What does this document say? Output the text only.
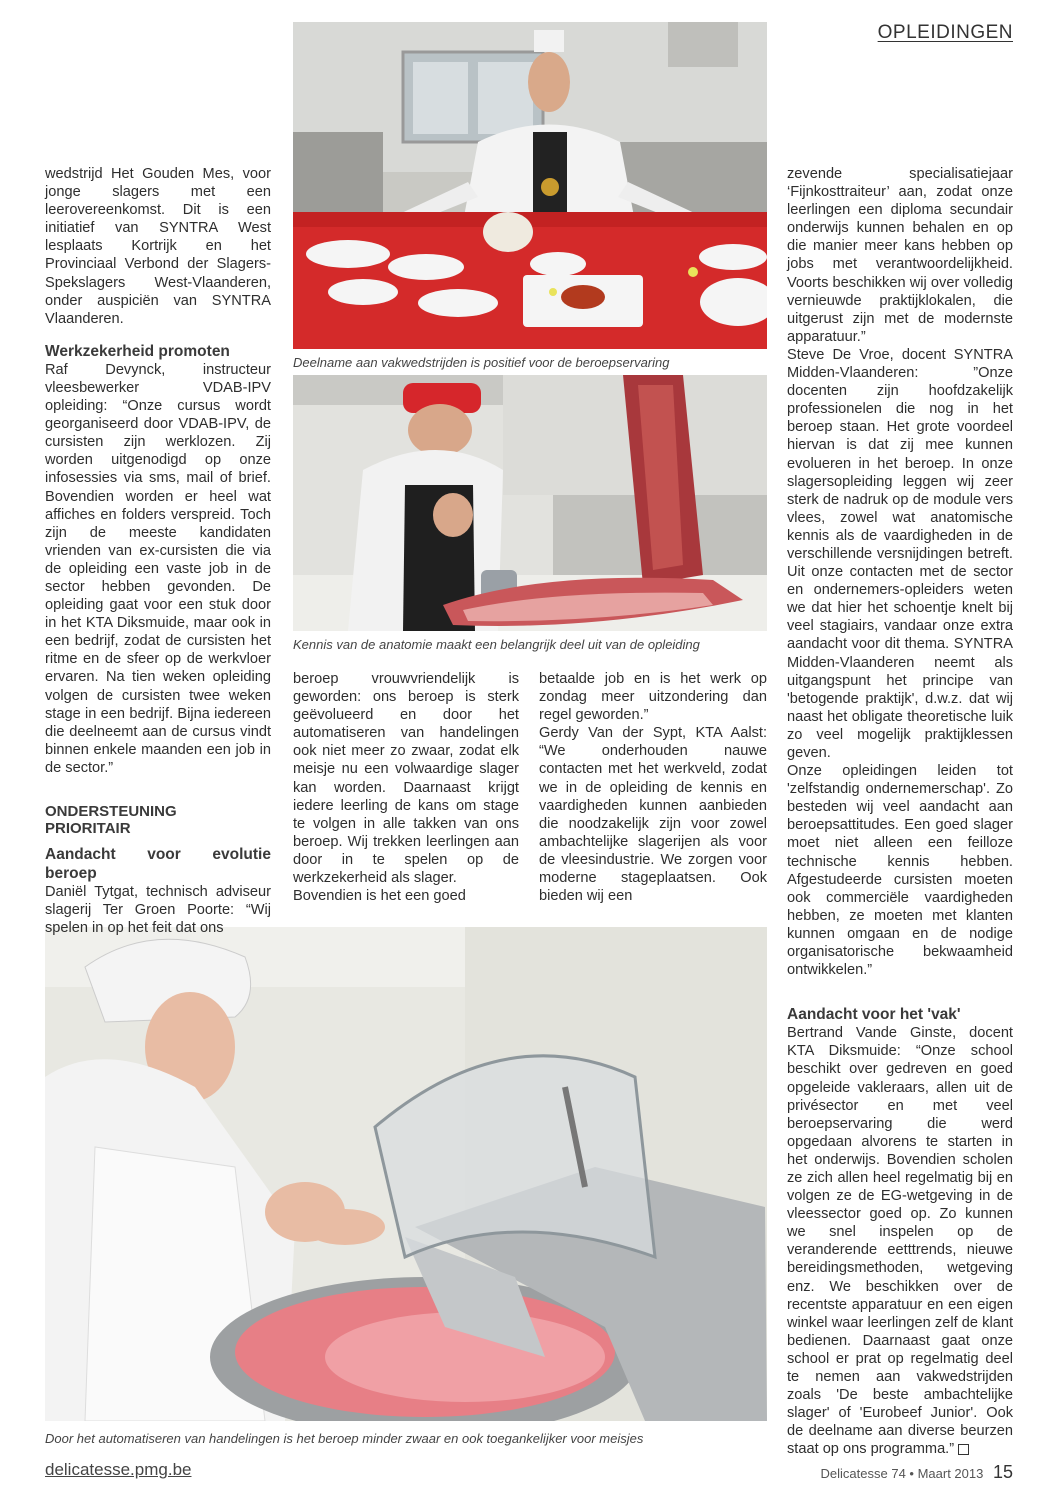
OPLEIDINGEN
Deelname aan vakwedstrijden is positief voor de beroepservaring
Kennis van de anatomie maakt een belangrijk deel uit van de opleiding
Door het automatiseren van handelingen is het beroep minder zwaar en ook toegankelijker voor meisjes

wedstrijd Het Gouden Mes, voor jonge slagers met een leerovereenkomst. Dit is een initiatief van SYNTRA West lesplaats Kortrijk en het Provinciaal Verbond der Slagers-Spekslagers West-Vlaanderen, onder auspiciën van SYNTRA Vlaanderen.

Werkzekerheid promoten

Raf Devynck, instructeur vleesbewerker VDAB-IPV opleiding: “Onze cursus wordt georganiseerd door VDAB-IPV, de cursisten zijn werklozen. Zij worden uitgenodigd op onze infosessies via sms, mail of brief. Bovendien worden er heel wat affiches en folders verspreid. Toch zijn de meeste kandidaten vrienden van ex-cursisten die via de opleiding een vaste job in de sector hebben gevonden. De opleiding gaat voor een stuk door in het KTA Diksmuide, maar ook in een bedrijf, zodat de cursisten het ritme en de sfeer op de werkvloer ervaren. Na tien weken opleiding volgen de cursisten twee weken stage in een bedrijf. Bijna iedereen die deelneemt aan de cursus vindt binnen enkele maanden een job in de sector.”

ONDERSTEUNING PRIORITAIR
Aandacht voor evolutie beroep

Daniël Tytgat, technisch adviseur slagerij Ter Groen Poorte: “Wij spelen in op het feit dat ons

beroep vrouwvriendelijk is geworden: ons beroep is sterk geëvolueerd en door het automatiseren van handelingen ook niet meer zo zwaar, zodat elk meisje nu een volwaardige slager kan worden. Daarnaast krijgt iedere leerling de kans om stage te volgen in alle takken van ons beroep. Wij trekken leerlingen aan door in te spelen op de werkzekerheid als slager.

Bovendien is het een goed

betaalde job en is het werk op zondag meer uitzondering dan regel geworden.”

Gerdy Van der Sypt, KTA Aalst: “We onderhouden nauwe contacten met het werkveld, zodat we in de opleiding de kennis en vaardigheden kunnen aanbieden die noodzakelijk zijn voor zowel ambachtelijke slagerijen als voor de vleesindustrie. We zorgen voor moderne stageplaatsen. Ook bieden wij een

zevende specialisatiejaar ‘Fijnkosttraiteur’ aan, zodat onze leerlingen een diploma secundair onderwijs kunnen behalen en op die manier meer kans hebben op jobs met verantwoordelijkheid. Voorts beschikken wij over volledig vernieuwde praktijklokalen, die uitgerust zijn met de modernste apparatuur.”

Steve De Vroe, docent SYNTRA Midden-Vlaanderen: ”Onze docenten zijn hoofdzakelijk professionelen die nog in het beroep staan. Het grote voordeel hiervan is dat zij mee kunnen evolueren in het beroep. In onze slagersopleiding leggen wij zeer sterk de nadruk op de module vers vlees, zowel wat anatomische kennis als de vaardigheden in de verschillende versnijdingen betreft. Uit onze contacten met de sector en ondernemers-opleiders weten we dat hier het schoentje knelt bij veel stagiairs, vandaar onze extra aandacht voor dit thema. SYNTRA Midden-Vlaanderen neemt als uitgangspunt het principe van 'betogende praktijk', d.w.z. dat wij naast het obligate theoretische luik zo veel mogelijk praktijklessen geven.

Onze opleidingen leiden tot 'zelfstandig ondernemerschap'. Zo besteden wij veel aandacht aan beroepsattitudes. Een goed slager moet niet alleen een feilloze technische kennis hebben. Afgestudeerde cursisten moeten ook commerciële vaardigheden hebben, ze moeten met klanten kunnen omgaan en de nodige organisatorische bekwaamheid ontwikkelen.”

Aandacht voor het 'vak'

Bertrand Vande Ginste, docent KTA Diksmuide: “Onze school beschikt over gedreven en goed opgeleide vakleraars, allen uit de privésector en met veel beroepservaring die werd opgedaan alvorens te starten in het onderwijs. Bovendien scholen ze zich allen heel regelmatig bij en volgen ze de EG-wetgeving in de vleessector goed op. Zo kunnen we snel inspelen op de veranderende eetttrends, nieuwe bereidingsmethoden, wetgeving enz. We beschikken over de recentste apparatuur en een eigen winkel waar leerlingen zelf de klant bedienen. Daarnaast gaat onze school er prat op regelmatig deel te nemen aan vakwedstrijden zoals 'De beste ambachtelijke slager' of 'Eurobeef Junior'. Ook de deelname aan diverse beurzen staat op ons programma.”

delicatesse.pmg.be	Delicatesse 74 • Maart 2013 15
